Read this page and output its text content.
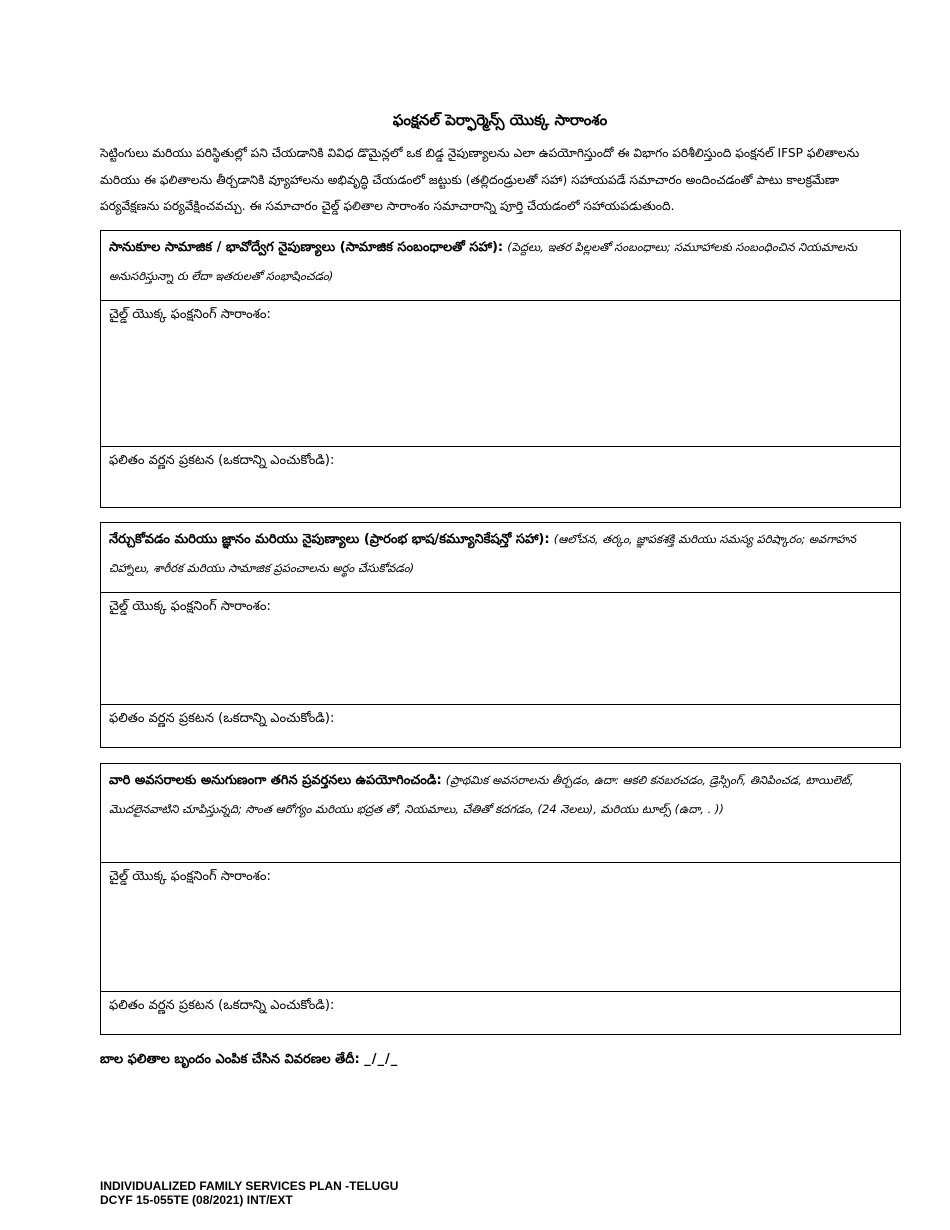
ఫంక్షనల్ పెర్ఫార్మెన్స్ యొక్క సారాంశం
సెట్టింగులు మరియు పరిస్థితుల్లో పని చేయడానికి వివిధ డొమైన్లలో ఒక బిడ్డ నైపుణ్యాలను ఎలా ఉపయోగిస్తుందో ఈ విభాగం పరిశీలిస్తుంది ఫంక్షనల్ IFSP ఫలితాలను మరియు ఈ ఫలితాలను తీర్చడానికి వ్యూహాలను అభివృద్ధి చేయడంలో జట్టుకు (తల్లిదండ్రులతో సహా) సహాయపడే సమాచారం అందించడంతో పాటు కాలక్రమేణా పర్యవేక్షణను పర్యవేక్షించవచ్చు. ఈ సమాచారం చైల్డ్ ఫలితాల సారాంశం సమాచారాన్ని పూర్తి చేయడంలో సహాయపడుతుంది.
సానుకూల సామాజిక / భావోద్వేగ నైపుణ్యాలు (సామాజిక సంబంధాలతో సహా): (పెద్దలు, ఇతర పిల్లలతో సంబంధాలు; సమూహాలకు సంబంధించిన నియమాలను అనుసరిస్తున్నా రు లేదా ఇతరులతో సంభాషించడం)
చైల్డ్ యొక్క ఫంక్షనింగ్ సారాంశం:
ఫలితం వర్ణన ప్రకటన (ఒకదాన్ని ఎంచుకోండి):
నేర్చుకోవడం మరియు జ్ఞానం మరియు నైపుణ్యాలు (ప్రారంభ భాష/కమ్యూనికేషన్తో సహా): (ఆలోచన, తర్కం, జ్ఞాపకశక్తి మరియు సమస్య పరిష్కారం; అవగాహన చిహ్నాలు, శారీరక మరియు సామాజిక ప్రపంచాలను అర్థం చేసుకోవడం)
చైల్డ్ యొక్క ఫంక్షనింగ్ సారాంశం:
ఫలితం వర్ణన ప్రకటన (ఒకదాన్ని ఎంచుకోండి):
వారి అవసరాలకు అనుగుణంగా తగిన ప్రవర్తనలు ఉపయోగించండి: (ప్రాథమిక అవసరాలను తీర్చడం, ఉదా: ఆకలి కనబరచడం, డ్రెస్సింగ్, తినిపించడ, టాయిలెట్, మొదలైనవాటిని చూపిస్తున్నది; సొంత ఆరోగ్యం మరియు భద్రత తో, నియమాలు, చేతితో కదగడం, (24 నెలలు), మరియు టూల్స్ (ఉదా, . ))
చైల్డ్ యొక్క ఫంక్షనింగ్ సారాంశం:
ఫలితం వర్ణన ప్రకటన (ఒకదాన్ని ఎంచుకోండి):
బాల ఫలితాల బృందం ఎంపిక చేసిన వివరణల తేదీ: _/_/_
INDIVIDUALIZED FAMILY SERVICES PLAN -TELUGU
DCYF 15-055TE (08/2021) INT/EXT
